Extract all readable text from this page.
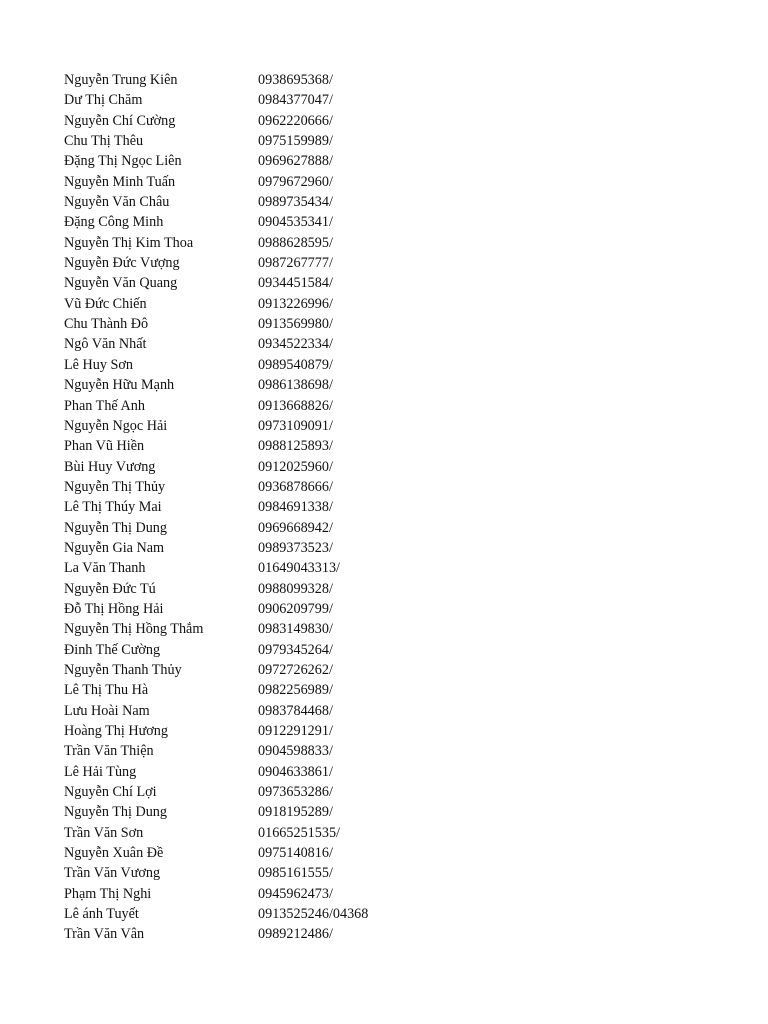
Nguyễn Trung Kiên	0938695368/
Dư Thị Chăm	0984377047/
Nguyễn Chí Cường	0962220666/
Chu Thị Thêu	0975159989/
Đặng Thị Ngọc Liên	0969627888/
Nguyễn Minh Tuấn	0979672960/
Nguyễn Văn Châu	0989735434/
Đặng Công Minh	0904535341/
Nguyễn Thị Kim Thoa	0988628595/
Nguyễn Đức Vượng	0987267777/
Nguyễn Văn Quang	0934451584/
Vũ Đức Chiến	0913226996/
Chu Thành Đô	0913569980/
Ngô Văn Nhất	0934522334/
Lê Huy Sơn	0989540879/
Nguyễn Hữu Mạnh	0986138698/
Phan Thế Anh	0913668826/
Nguyễn Ngọc Hải	0973109091/
Phan Vũ Hiền	0988125893/
Bùi Huy Vương	0912025960/
Nguyễn Thị Thủy	0936878666/
Lê Thị Thúy Mai	0984691338/
Nguyễn Thị Dung	0969668942/
Nguyễn Gia Nam	0989373523/
La Văn Thanh	01649043313/
Nguyễn Đức Tú	0988099328/
Đỗ Thị Hồng Hải	0906209799/
Nguyễn Thị Hồng Thắm	0983149830/
Đinh Thế Cường	0979345264/
Nguyễn Thanh Thủy	0972726262/
Lê Thị Thu Hà	0982256989/
Lưu Hoài Nam	0983784468/
Hoàng Thị Hương	0912291291/
Trần Văn Thiện	0904598833/
Lê Hải Tùng	0904633861/
Nguyễn Chí Lợi	0973653286/
Nguyễn Thị Dung	0918195289/
Trần Văn Sơn	01665251535/
Nguyễn Xuân Đề	0975140816/
Trần Văn Vương	0985161555/
Phạm Thị Nghi	0945962473/
Lê ánh Tuyết	0913525246/04368
Trần Văn Vân	0989212486/
